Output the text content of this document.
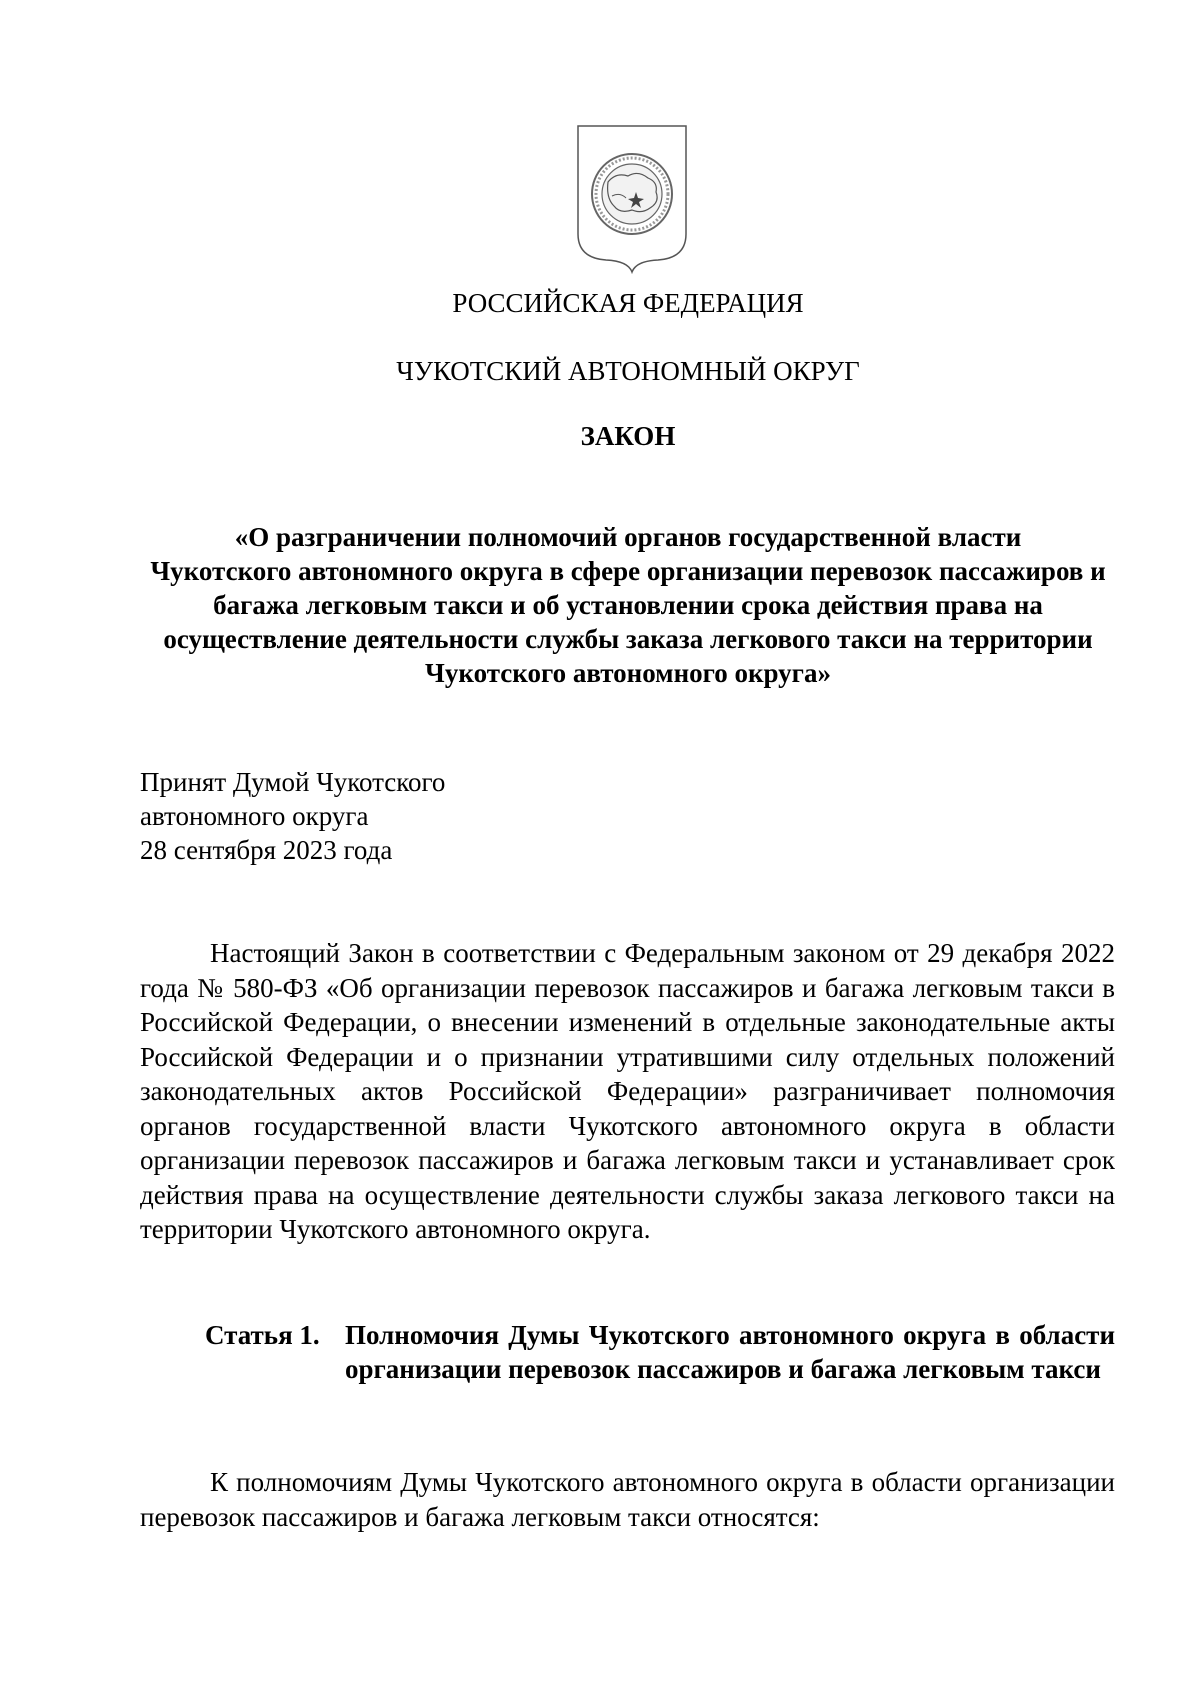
РОССИЙСКАЯ ФЕДЕРАЦИЯ
ЧУКОТСКИЙ АВТОНОМНЫЙ ОКРУГ
ЗАКОН
«О разграничении полномочий органов государственной власти
Чукотского автономного округа в сфере организации перевозок пассажиров и
багажа легковым такси и об установлении срока действия права на
осуществление деятельности службы заказа легкового такси на территории
Чукотского автономного округа»
Принят Думой Чукотского
автономного округа
28 сентября 2023 года

Настоящий Закон в соответствии с Федеральным законом от 29 декабря 2022 года № 580-ФЗ «Об организации перевозок пассажиров и багажа легковым такси в Российской Федерации, о внесении изменений в отдельные законодательные акты Российской Федерации и о признании утратившими силу отдельных положений законодательных актов Российской Федерации» разграничивает полномочия органов государственной власти Чукотского автономного округа в области организации перевозок пассажиров и багажа легковым такси и устанавливает срок действия права на осуществление деятельности службы заказа легкового такси на территории Чукотского автономного округа.

Статья 1. Полномочия Думы Чукотского автономного округа в области организации перевозок пассажиров и багажа легковым такси

К полномочиям Думы Чукотского автономного округа в области организации перевозок пассажиров и багажа легковым такси относятся:
